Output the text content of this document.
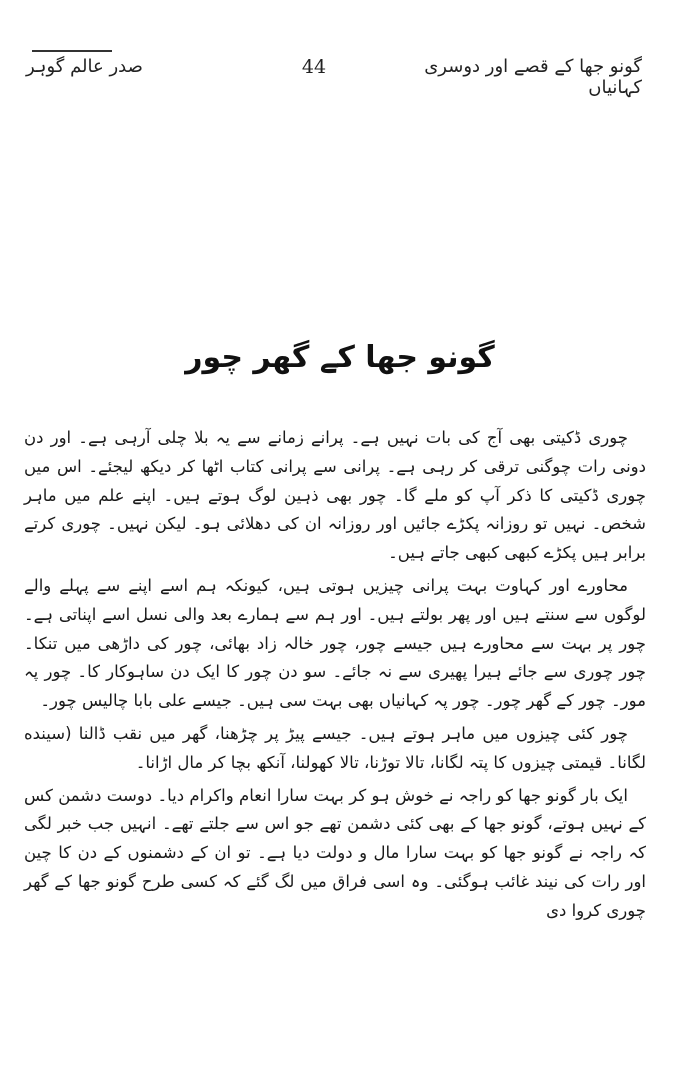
گونو جھا کے قصے اور دوسری کہانیاں
44
صدر عالم گوہر
گونو جھا کے گھر چور

چوری ڈکیتی بھی آج کی بات نہیں ہے۔ پرانے زمانے سے یہ بلا چلی آرہی ہے۔ اور دن دونی رات چوگنی ترقی کر رہی ہے۔ پرانی سے پرانی کتاب اٹھا کر دیکھ لیجئے۔ اس میں چوری ڈکیتی کا ذکر آپ کو ملے گا۔ چور بھی ذہین لوگ ہوتے ہیں۔ اپنے علم میں ماہر شخص۔ نہیں تو روزانہ پکڑے جائیں اور روزانہ ان کی دھلائی ہو۔ لیکن نہیں۔ چوری کرتے برابر ہیں پکڑے کبھی کبھی جاتے ہیں۔

محاورے اور کہاوت بہت پرانی چیزیں ہوتی ہیں، کیونکہ ہم اسے اپنے سے پہلے والے لوگوں سے سنتے ہیں اور پھر بولتے ہیں۔ اور ہم سے ہمارے بعد والی نسل اسے اپناتی ہے۔ چور پر بہت سے محاورے ہیں جیسے چور، چور خالہ زاد بھائی، چور کی داڑھی میں تنکا۔ چور چوری سے جائے ہیرا پھیری سے نہ جائے۔ سو دن چور کا ایک دن ساہوکار کا۔ چور پہ مور۔ چور کے گھر چور۔ چور پہ کہانیاں بھی بہت سی ہیں۔ جیسے علی بابا چالیس چور۔

چور کئی چیزوں میں ماہر ہوتے ہیں۔ جیسے پیڑ پر چڑھنا، گھر میں نقب ڈالنا (سینده لگانا۔ قیمتی چیزوں کا پتہ لگانا، تالا توڑنا، تالا کھولنا، آنکھ بچا کر مال اڑانا۔

ایک بار گونو جھا کو راجہ نے خوش ہو کر بہت سارا انعام واکرام دیا۔ دوست دشمن کس کے نہیں ہوتے، گونو جھا کے بھی کئی دشمن تھے جو اس سے جلتے تھے۔ انہیں جب خبر لگی کہ راجہ نے گونو جھا کو بہت سارا مال و دولت دیا ہے۔ تو ان کے دشمنوں کے دن کا چین اور رات کی نیند غائب ہوگئی۔ وہ اسی فراق میں لگ گئے کہ کسی طرح گونو جھا کے گھر چوری کروا دی
